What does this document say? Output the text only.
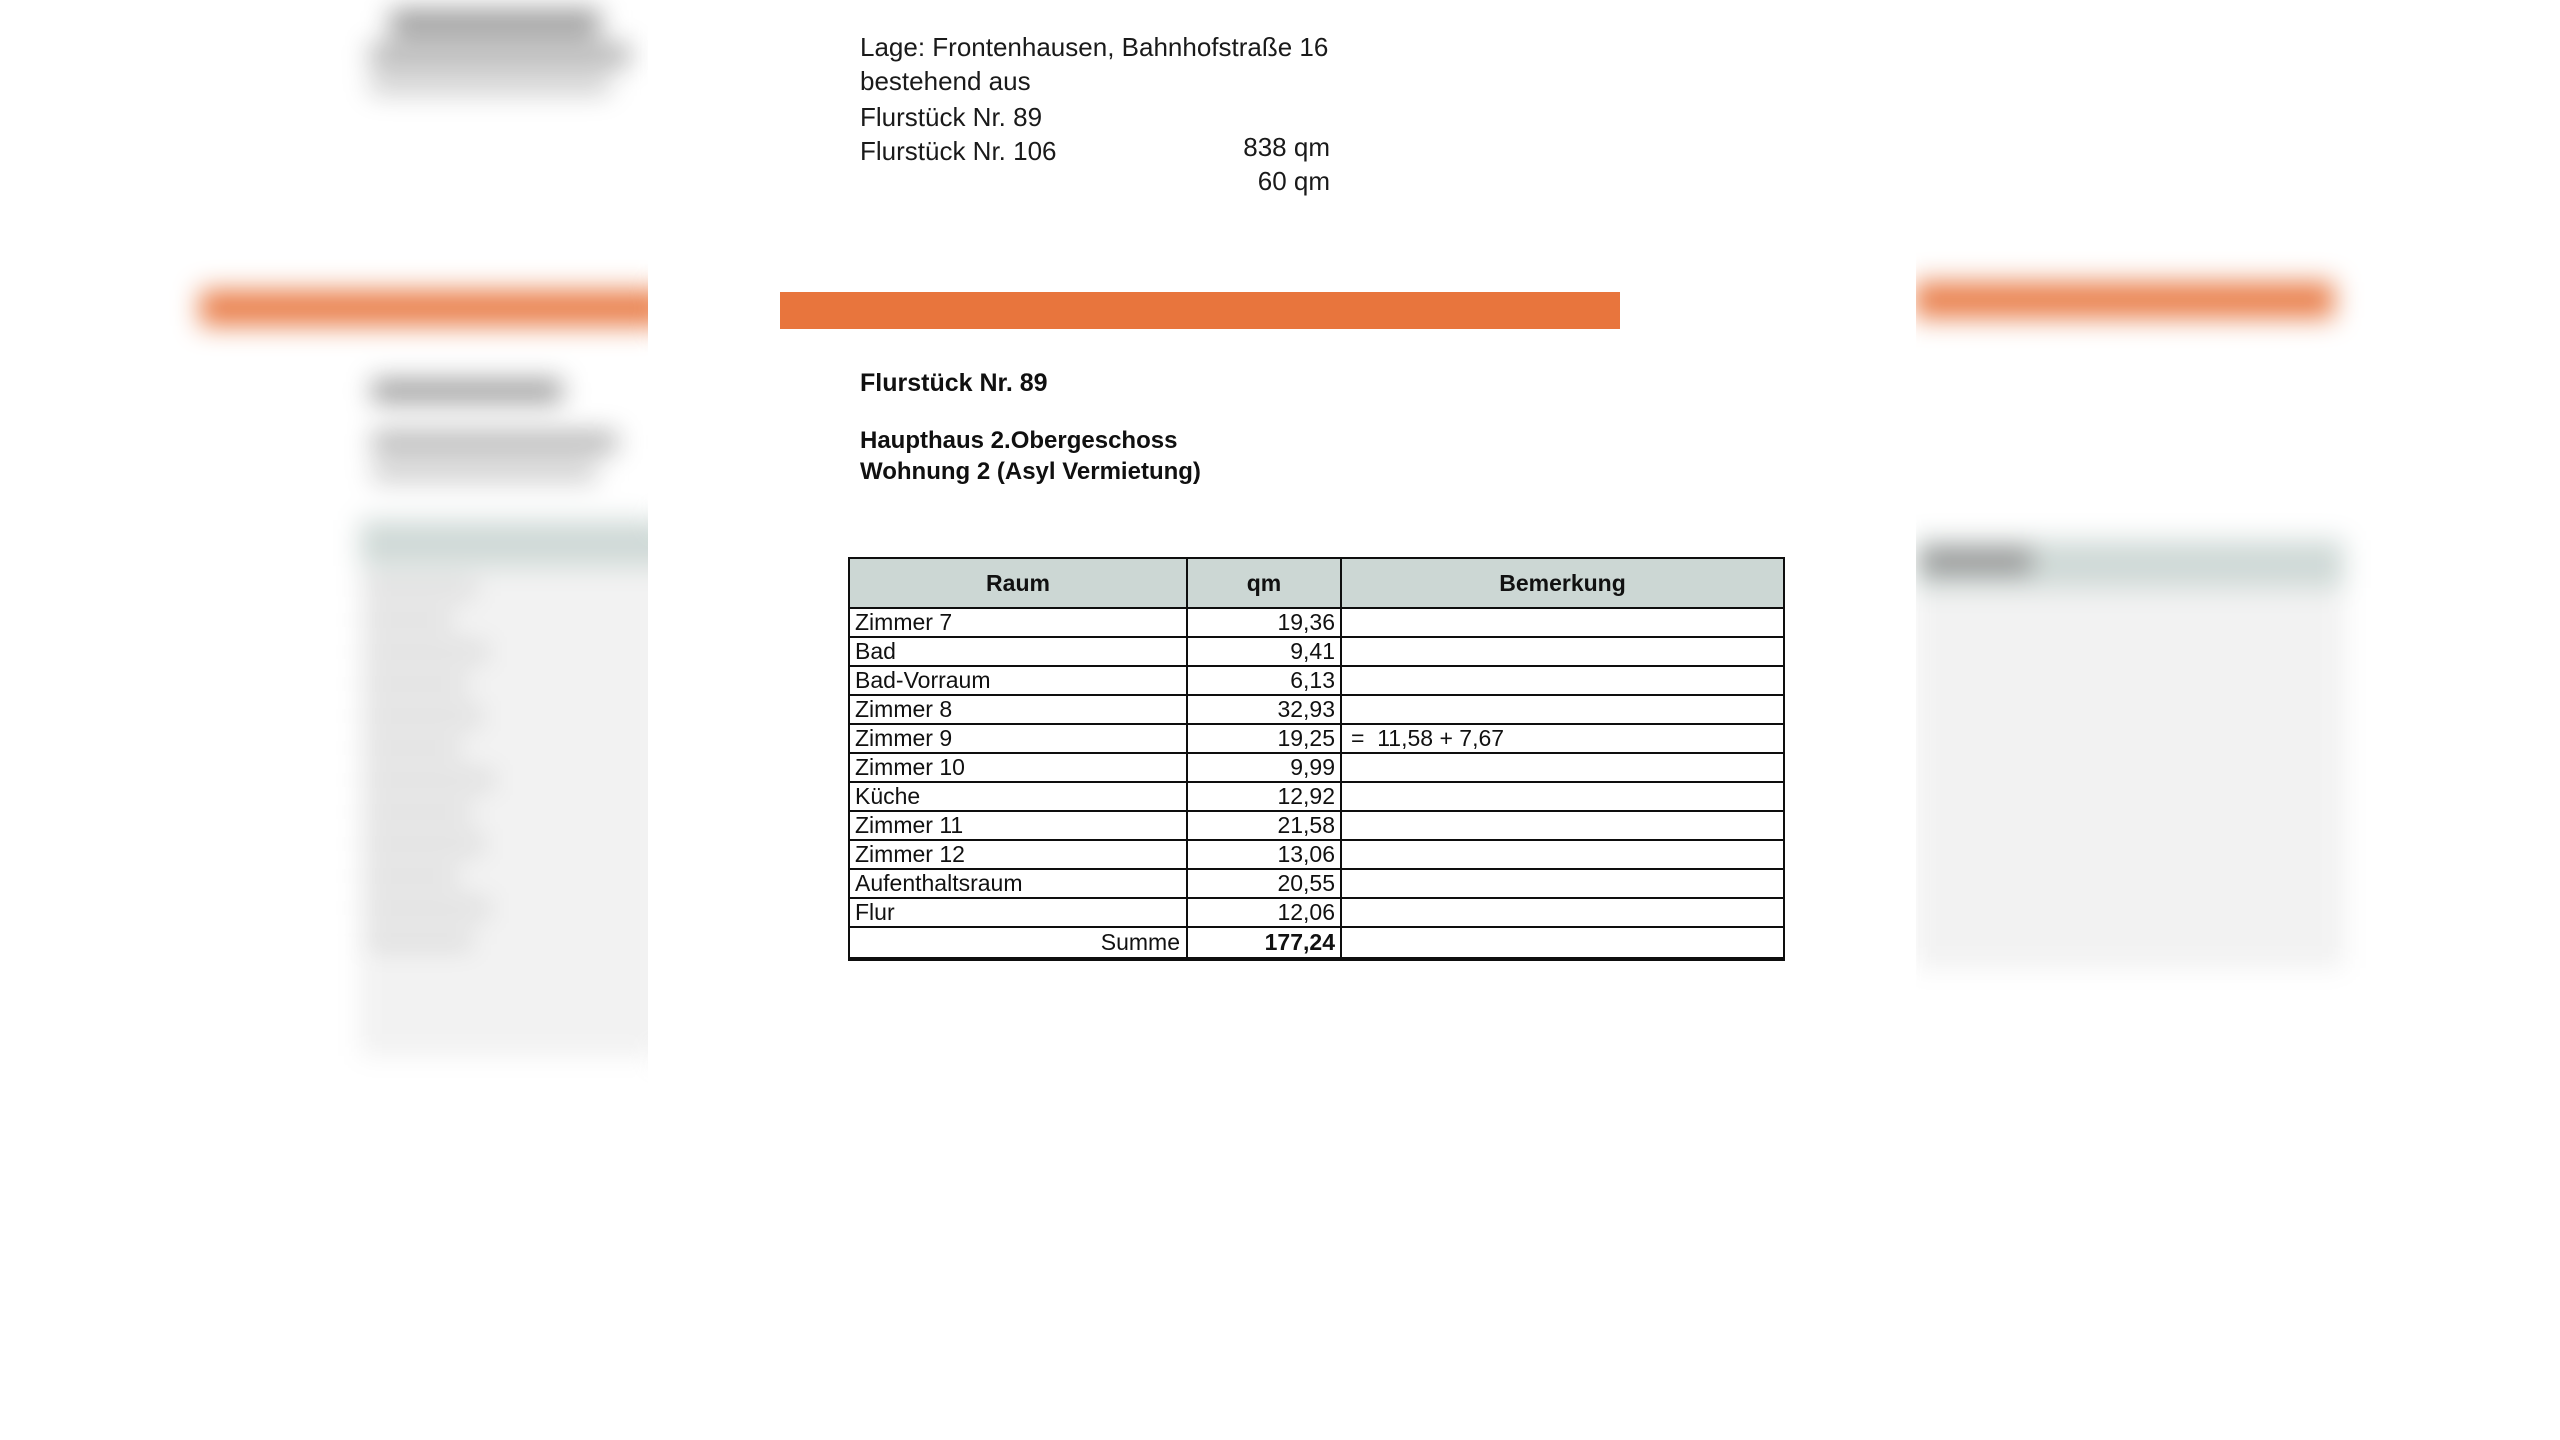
Lage: Frontenhausen, Bahnhofstraße 16

bestehend aus

Flurstück Nr. 89

838 qm

Flurstück Nr. 106

60 qm

Flurstück Nr. 89
Haupthaus 2.Obergeschoss
Wohnung 2 (Asyl Vermietung)
Raum	qm	Bemerkung
Zimmer 7	19,36	
Bad	9,41	
Bad-Vorraum	6,13	
Zimmer 8	32,93	
Zimmer 9	19,25	=  11,58 + 7,67
Zimmer 10	9,99	
Küche	12,92	
Zimmer 11	21,58	
Zimmer 12	13,06	
Aufenthaltsraum	20,55	
Flur	12,06	
Summe	177,24	
